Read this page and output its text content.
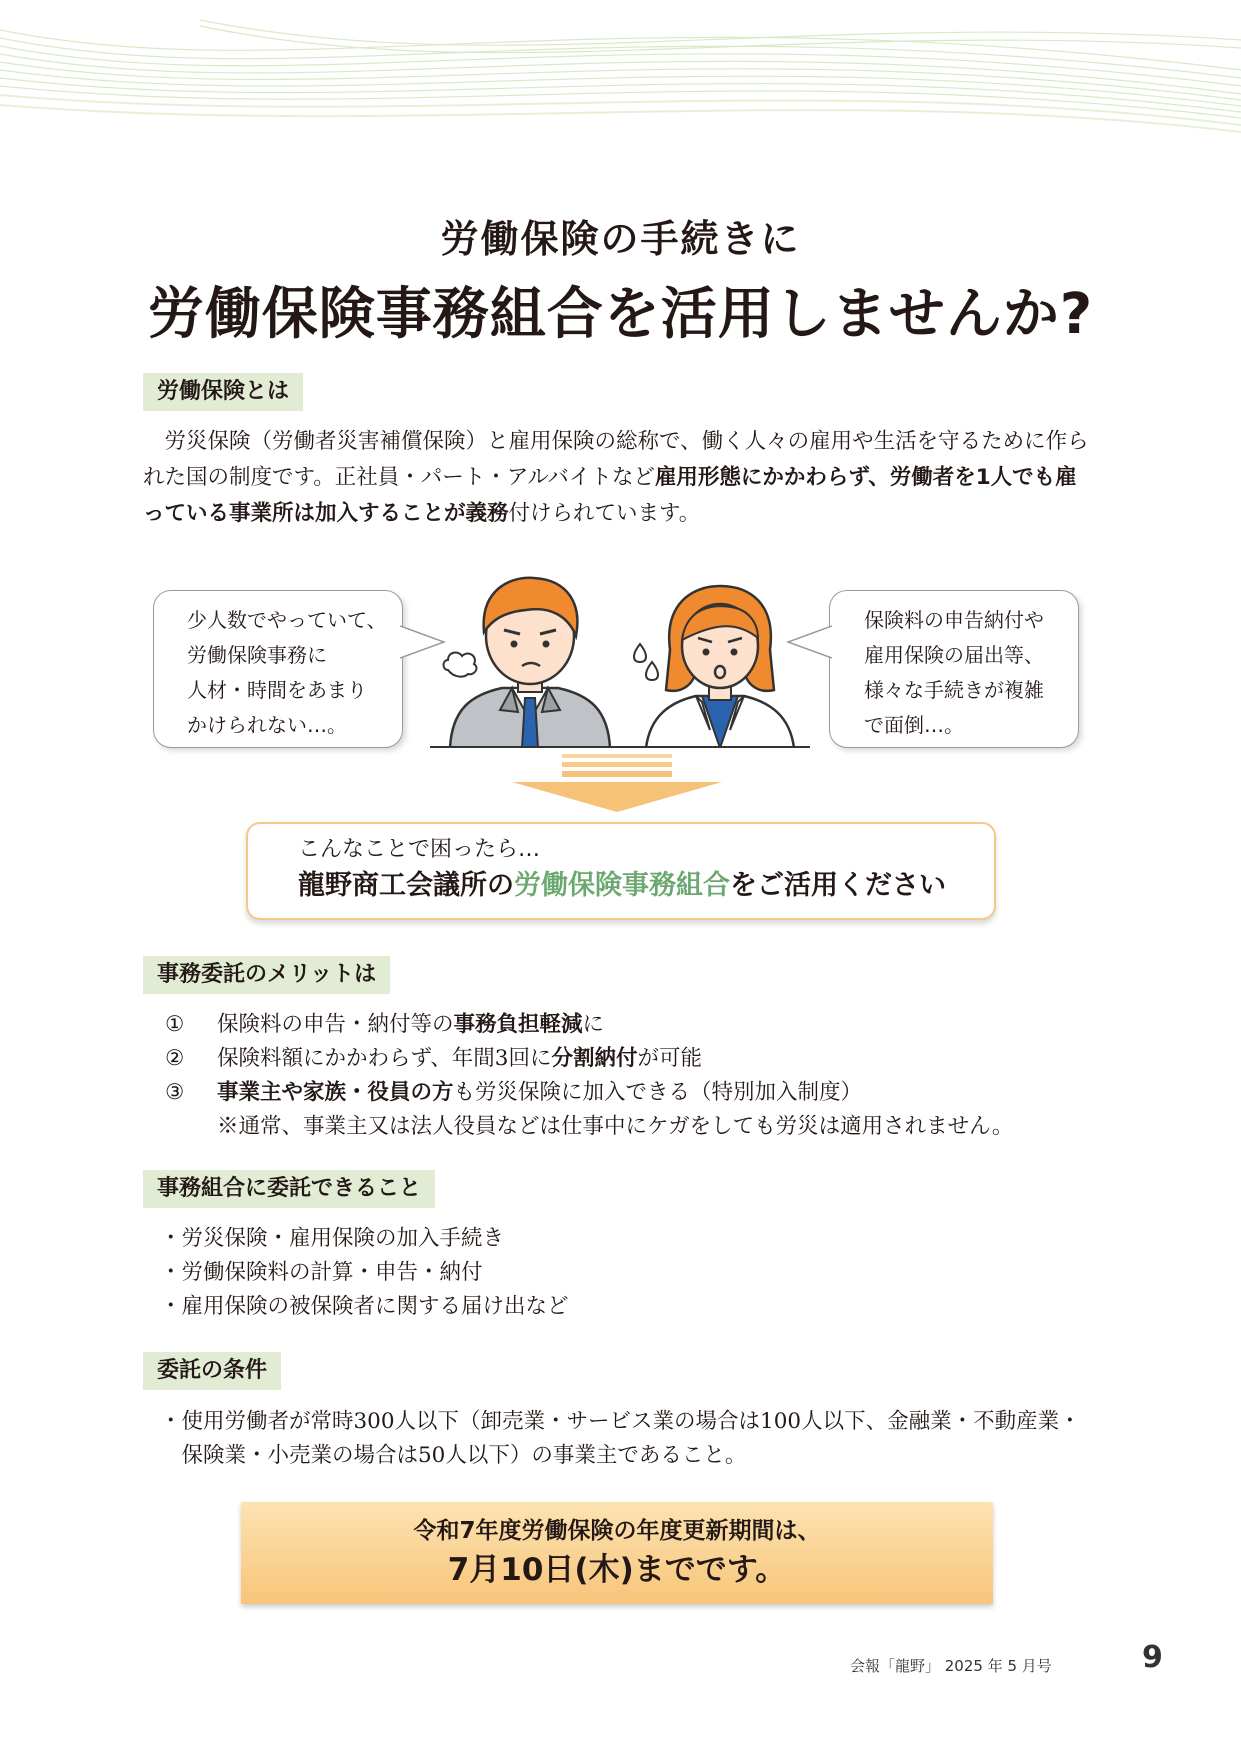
労働保険の手続きに
労働保険事務組合を活用しませんか?
労働保険とは
　労災保険（労働者災害補償保険）と雇用保険の総称で、働く人々の雇用や生活を守るために作られた国の制度です。正社員・パート・アルバイトなど雇用形態にかかわらず、労働者を1人でも雇っている事業所は加入することが義務付けられています。
少人数でやっていて、
労働保険事務に
人材・時間をあまり
かけられない…。
保険料の申告納付や
雇用保険の届出等、
様々な手続きが複雑
で面倒…。
こんなことで困ったら…
龍野商工会議所の労働保険事務組合をご活用ください
事務委託のメリットは
① 保険料の申告・納付等の事務負担軽減に
② 保険料額にかかわらず、年間3回に分割納付が可能
③ 事業主や家族・役員の方も労災保険に加入できる（特別加入制度）
※通常、事業主又は法人役員などは仕事中にケガをしても労災は適用されません。
事務組合に委託できること
・労災保険・雇用保険の加入手続き
・労働保険料の計算・申告・納付
・雇用保険の被保険者に関する届け出など
委託の条件
・使用労働者が常時300人以下（卸売業・サービス業の場合は100人以下、金融業・不動産業・
　保険業・小売業の場合は50人以下）の事業主であること。
令和7年度労働保険の年度更新期間は、
7月10日(木)までです。
会報「龍野」 2025 年 5 月号	9
